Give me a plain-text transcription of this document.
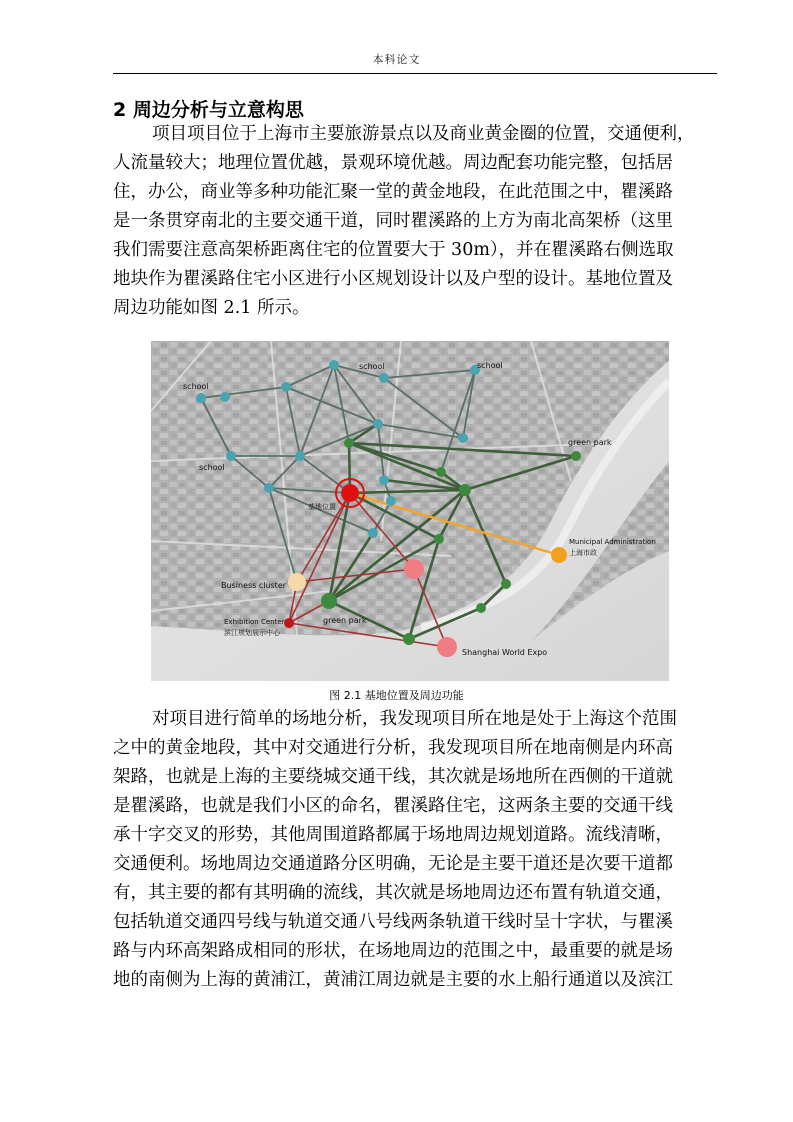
本科论文
2 周边分析与立意构思
项目项目位于上海市主要旅游景点以及商业黄金圈的位置，交通便利，
人流量较大；地理位置优越，景观环境优越。周边配套功能完整，包括居
住，办公，商业等多种功能汇聚一堂的黄金地段，在此范围之中，瞿溪路
是一条贯穿南北的主要交通干道，同时瞿溪路的上方为南北高架桥（这里
我们需要注意高架桥距离住宅的位置要大于 30m），并在瞿溪路右侧选取
地块作为瞿溪路住宅小区进行小区规划设计以及户型的设计。基地位置及
周边功能如图 2.1 所示。
school	school
school
school
green park
green park
基地位置
Municipal Administration
上海市政
Business cluster
Exhibition Center
滨江规划展示中心
Shanghai World Expo
图 2.1 基地位置及周边功能
对项目进行简单的场地分析，我发现项目所在地是处于上海这个范围
之中的黄金地段，其中对交通进行分析，我发现项目所在地南侧是内环高
架路，也就是上海的主要绕城交通干线，其次就是场地所在西侧的干道就
是瞿溪路，也就是我们小区的命名，瞿溪路住宅，这两条主要的交通干线
承十字交叉的形势，其他周围道路都属于场地周边规划道路。流线清晰，
交通便利。场地周边交通道路分区明确，无论是主要干道还是次要干道都
有，其主要的都有其明确的流线，其次就是场地周边还布置有轨道交通，
包括轨道交通四号线与轨道交通八号线两条轨道干线时呈十字状，与瞿溪
路与内环高架路成相同的形状，在场地周边的范围之中，最重要的就是场
地的南侧为上海的黄浦江，黄浦江周边就是主要的水上船行通道以及滨江
